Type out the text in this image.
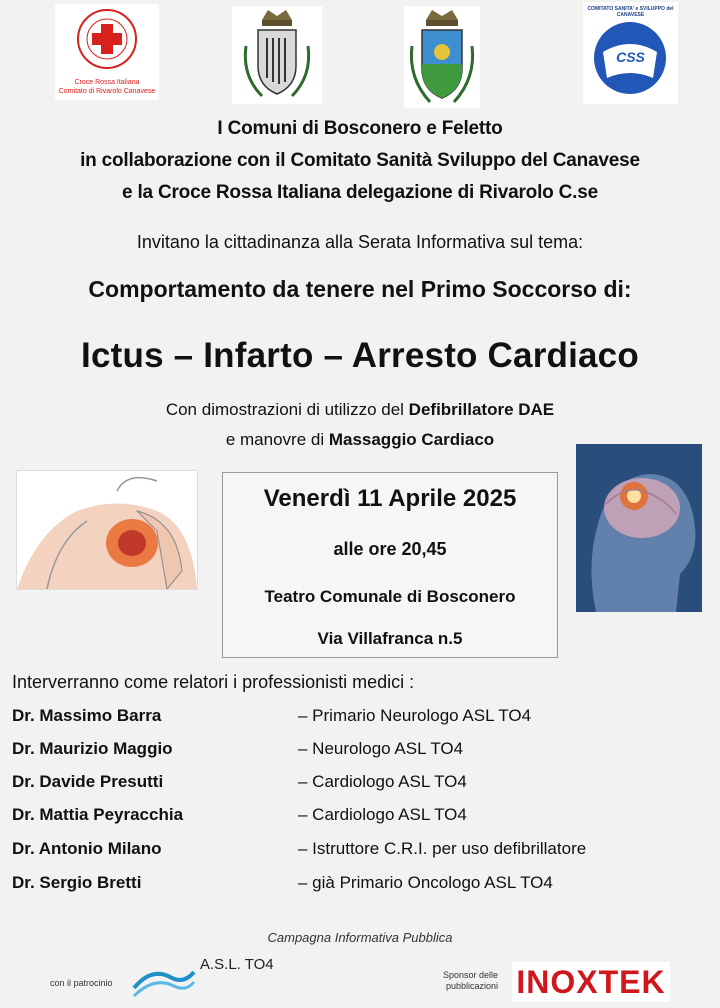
Croce Rossa Italiana
Comitato di Rivarolo Canavese
COMITATO SANITA' e SVILUPPO del CANAVESE
CSS
I Comuni di Bosconero e Feletto
in collaborazione con il Comitato Sanità Sviluppo del Canavese
e la Croce Rossa Italiana delegazione di Rivarolo C.se
Invitano la cittadinanza alla Serata Informativa sul tema:
Comportamento da tenere nel Primo Soccorso di:
Ictus – Infarto – Arresto Cardiaco
Con dimostrazioni di utilizzo del Defibrillatore DAE
e manovre di Massaggio Cardiaco
Venerdì 11 Aprile 2025
alle ore 20,45
Teatro Comunale di Bosconero
Via Villafranca n.5
Interverranno come relatori i professionisti medici :
Dr. Massimo Barra	– Primario Neurologo ASL TO4
Dr. Maurizio Maggio	– Neurologo ASL TO4
Dr. Davide Presutti	– Cardiologo ASL TO4
Dr. Mattia Peyracchia	– Cardiologo ASL TO4
Dr. Antonio Milano	– Istruttore C.R.I. per uso defibrillatore
Dr. Sergio Bretti	– già Primario Oncologo ASL TO4
Campagna Informativa Pubblica
con il patrocinio
A.S.L. TO4
Sponsor delle
pubblicazioni INOXTEK
